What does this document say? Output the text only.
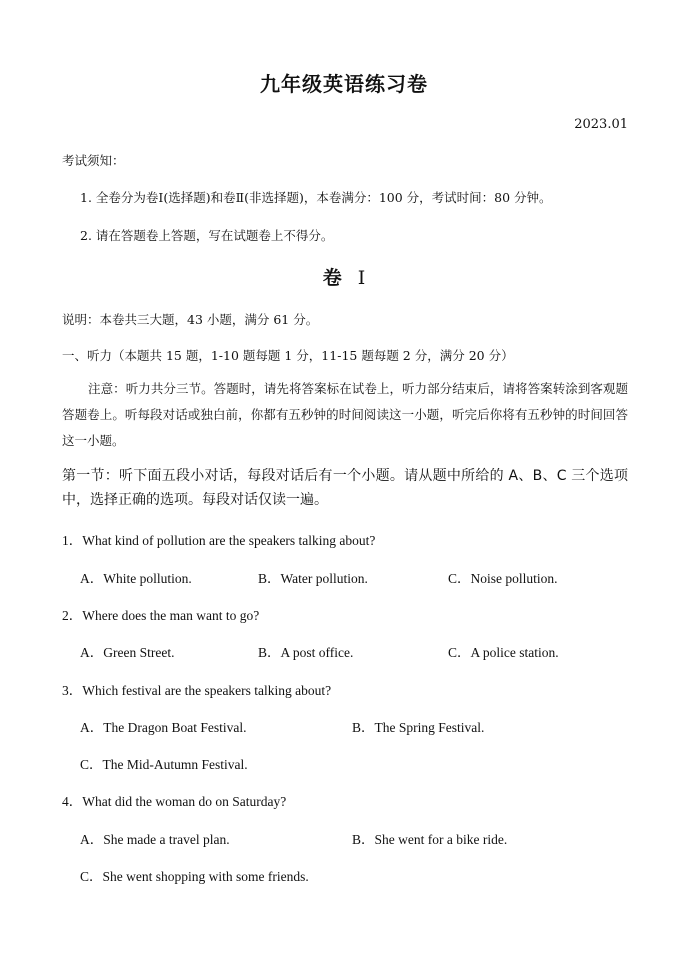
九年级英语练习卷
2023.01
考试须知：
1. 全卷分为卷Ⅰ(选择题)和卷Ⅱ(非选择题)，本卷满分：100 分，考试时间：80 分钟。
2. 请在答题卷上答题，写在试题卷上不得分。
卷 Ⅰ
说明：本卷共三大题，43 小题，满分 61 分。
一、听力（本题共 15 题，1-10 题每题 1 分，11-15 题每题 2 分，满分 20 分）
注意：听力共分三节。答题时，请先将答案标在试卷上，听力部分结束后，请将答案转涂到客观题答题卷上。听每段对话或独白前，你都有五秒钟的时间阅读这一小题，听完后你将有五秒钟的时间回答这一小题。
第一节：听下面五段小对话，每段对话后有一个小题。请从题中所给的 A、B、C 三个选项中，选择正确的选项。每段对话仅读一遍。
1．What kind of pollution are the speakers talking about?
A．White pollution.	B．Water pollution.	C．Noise pollution.
2．Where does the man want to go?
A．Green Street.	B．A post office.	C．A police station.
3．Which festival are the speakers talking about?
A．The Dragon Boat Festival.	B．The Spring Festival.
C．The Mid-Autumn Festival.
4．What did the woman do on Saturday?
A．She made a travel plan.	B．She went for a bike ride.
C．She went shopping with some friends.
